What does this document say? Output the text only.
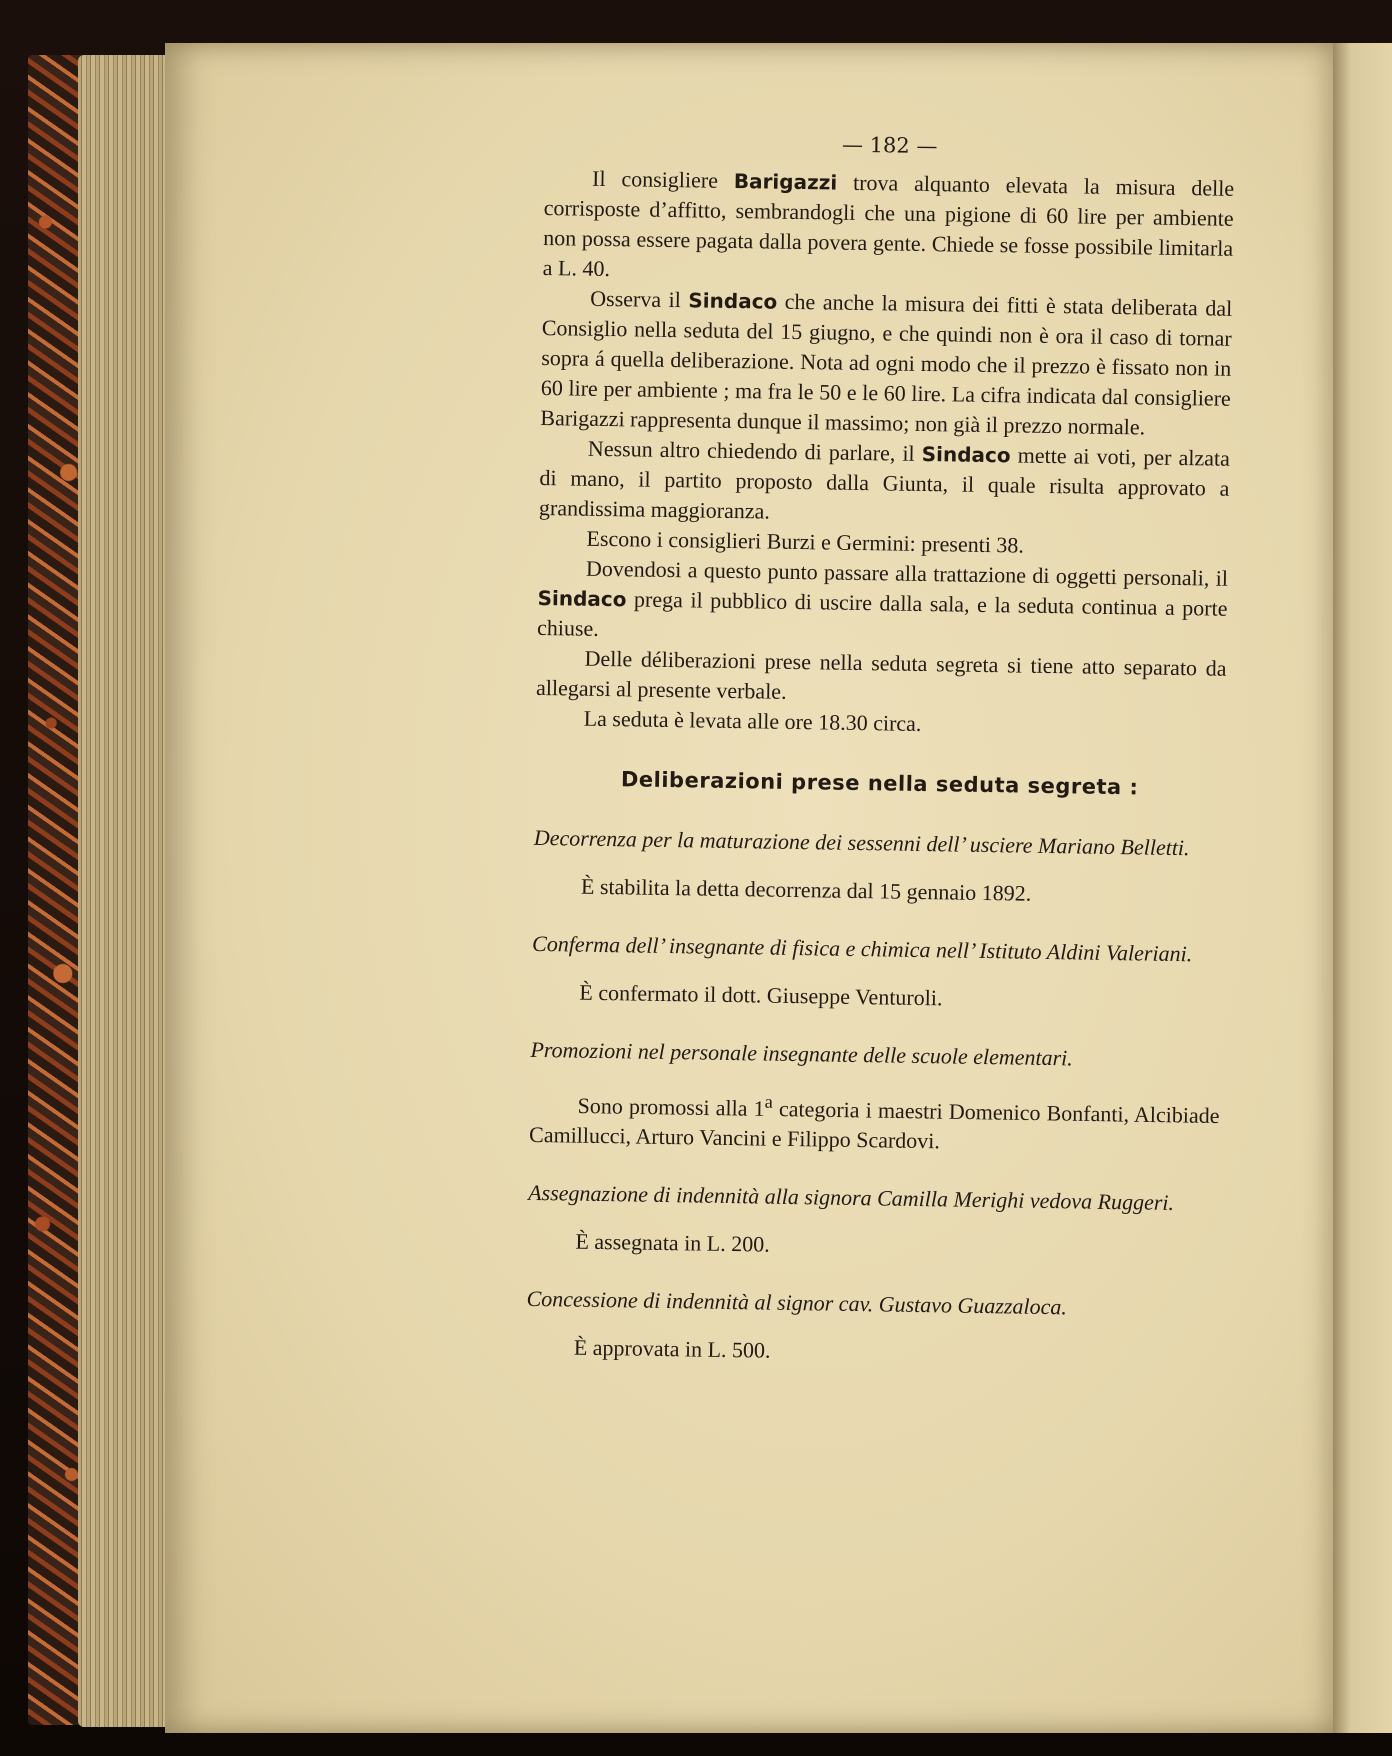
— 182 —

Il consigliere Barigazzi trova alquanto elevata la misura delle corrisposte d’affitto, sembrandogli che una pigione di 60 lire per ambiente non possa essere pagata dalla povera gente. Chiede se fosse possibile limitarla a L. 40.

Osserva il Sindaco che anche la misura dei fitti è stata deliberata dal Consiglio nella seduta del 15 giugno, e che quindi non è ora il caso di tornar sopra á quella deliberazione. Nota ad ogni modo che il prezzo è fissato non in 60 lire per ambiente ; ma fra le 50 e le 60 lire. La cifra indicata dal consigliere Barigazzi rappresenta dunque il massimo; non già il prezzo normale.

Nessun altro chiedendo di parlare, il Sindaco mette ai voti, per alzata di mano, il partito proposto dalla Giunta, il quale risulta approvato a grandissima maggioranza.

Escono i consiglieri Burzi e Germini: presenti 38.

Dovendosi a questo punto passare alla trattazione di oggetti personali, il Sindaco prega il pubblico di uscire dalla sala, e la seduta continua a porte chiuse.

Delle déliberazioni prese nella seduta segreta si tiene atto separato da allegarsi al presente verbale.

La seduta è levata alle ore 18.30 circa.

Deliberazioni prese nella seduta segreta :

Decorrenza per la maturazione dei sessenni dell’ usciere Mariano Belletti.

È stabilita la detta decorrenza dal 15 gennaio 1892.

Conferma dell’ insegnante di fisica e chimica nell’ Istituto Aldini Valeriani.

È confermato il dott. Giuseppe Venturoli.

Promozioni nel personale insegnante delle scuole elementari.

Sono promossi alla 1$^a$ categoria i maestri Domenico Bonfanti, Alcibiade Camillucci, Arturo Vancini e Filippo Scardovi.

Assegnazione di indennità alla signora Camilla Merighi vedova Ruggeri.

È assegnata in L. 200.

Concessione di indennità al signor cav. Gustavo Guazzaloca.

È approvata in L. 500.
